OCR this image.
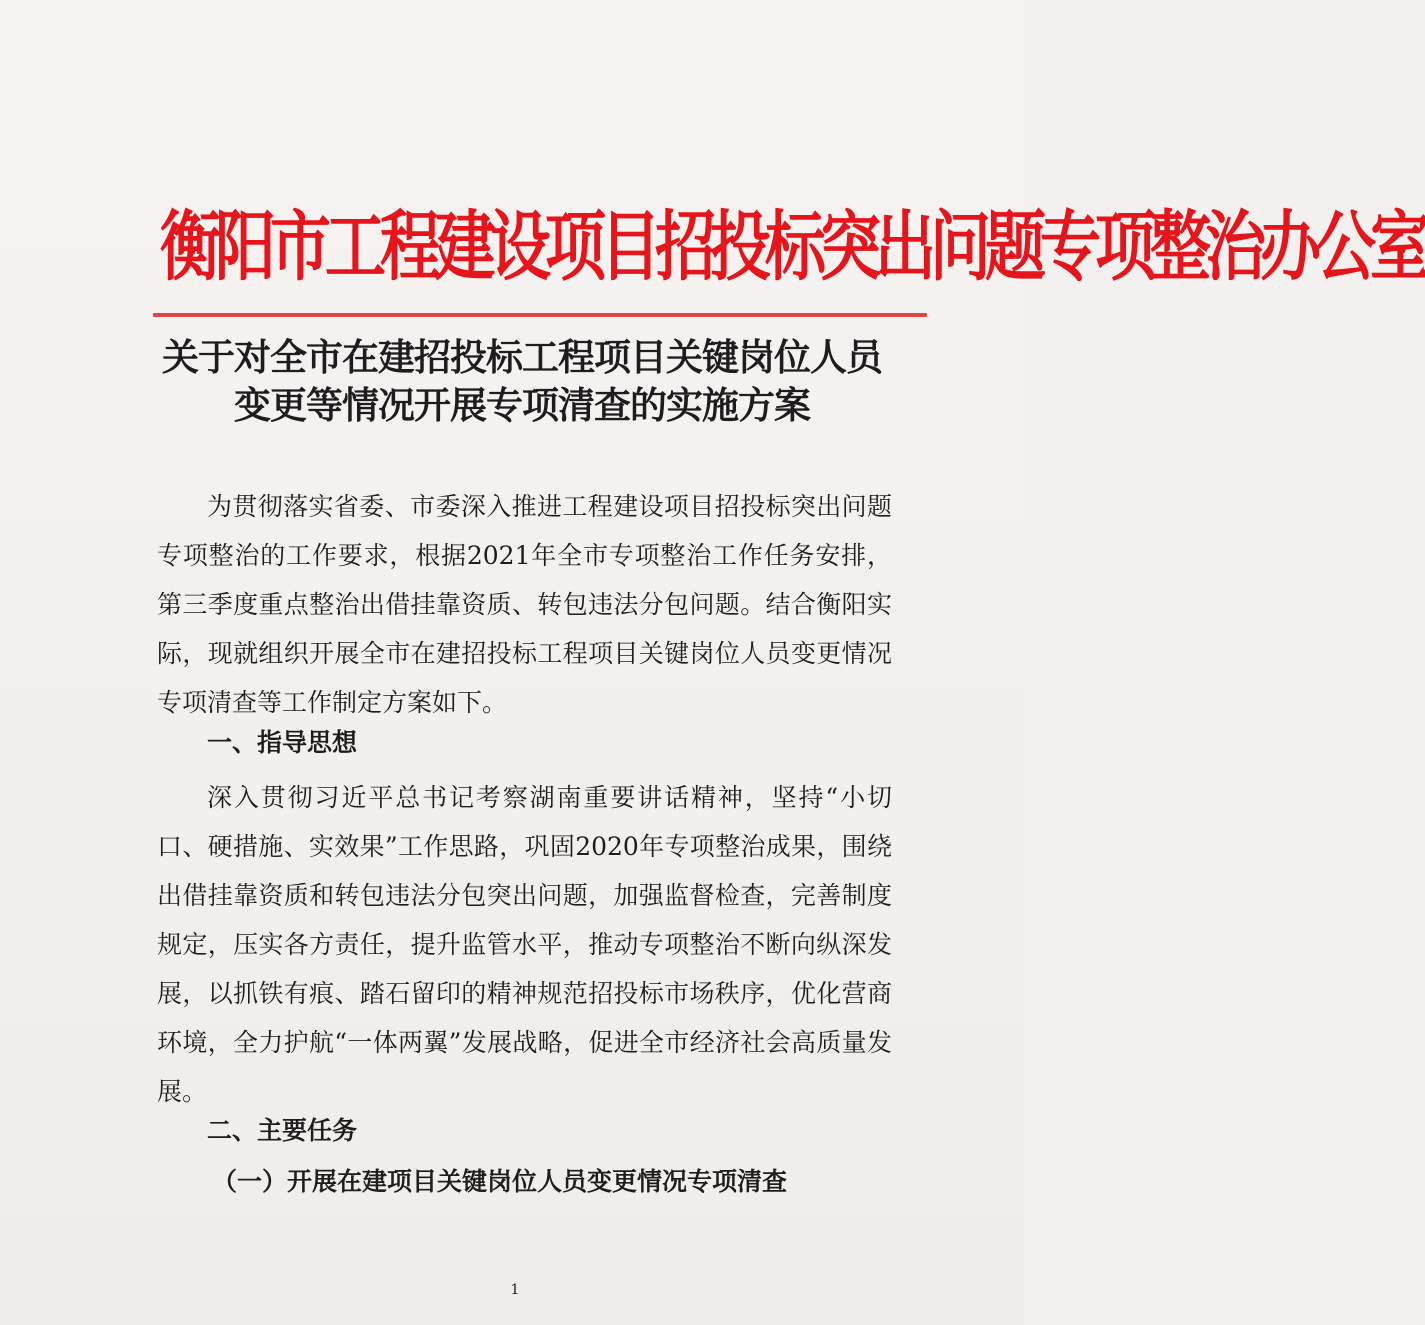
衡阳市工程建设项目招投标突出问题专项整治办公室
关于对全市在建招投标工程项目关键岗位人员
变更等情况开展专项清查的实施方案

为贯彻落实省委、市委深入推进工程建设项目招投标突出问题专项整治的工作要求，根据2021年全市专项整治工作任务安排，第三季度重点整治出借挂靠资质、转包违法分包问题。结合衡阳实际，现就组织开展全市在建招投标工程项目关键岗位人员变更情况专项清查等工作制定方案如下。

一、指导思想

深入贯彻习近平总书记考察湖南重要讲话精神，坚持“小切口、硬措施、实效果”工作思路，巩固2020年专项整治成果，围绕出借挂靠资质和转包违法分包突出问题，加强监督检查，完善制度规定，压实各方责任，提升监管水平，推动专项整治不断向纵深发展，以抓铁有痕、踏石留印的精神规范招投标市场秩序，优化营商环境，全力护航“一体两翼”发展战略，促进全市经济社会高质量发展。

二、主要任务

（一）开展在建项目关键岗位人员变更情况专项清查

1
